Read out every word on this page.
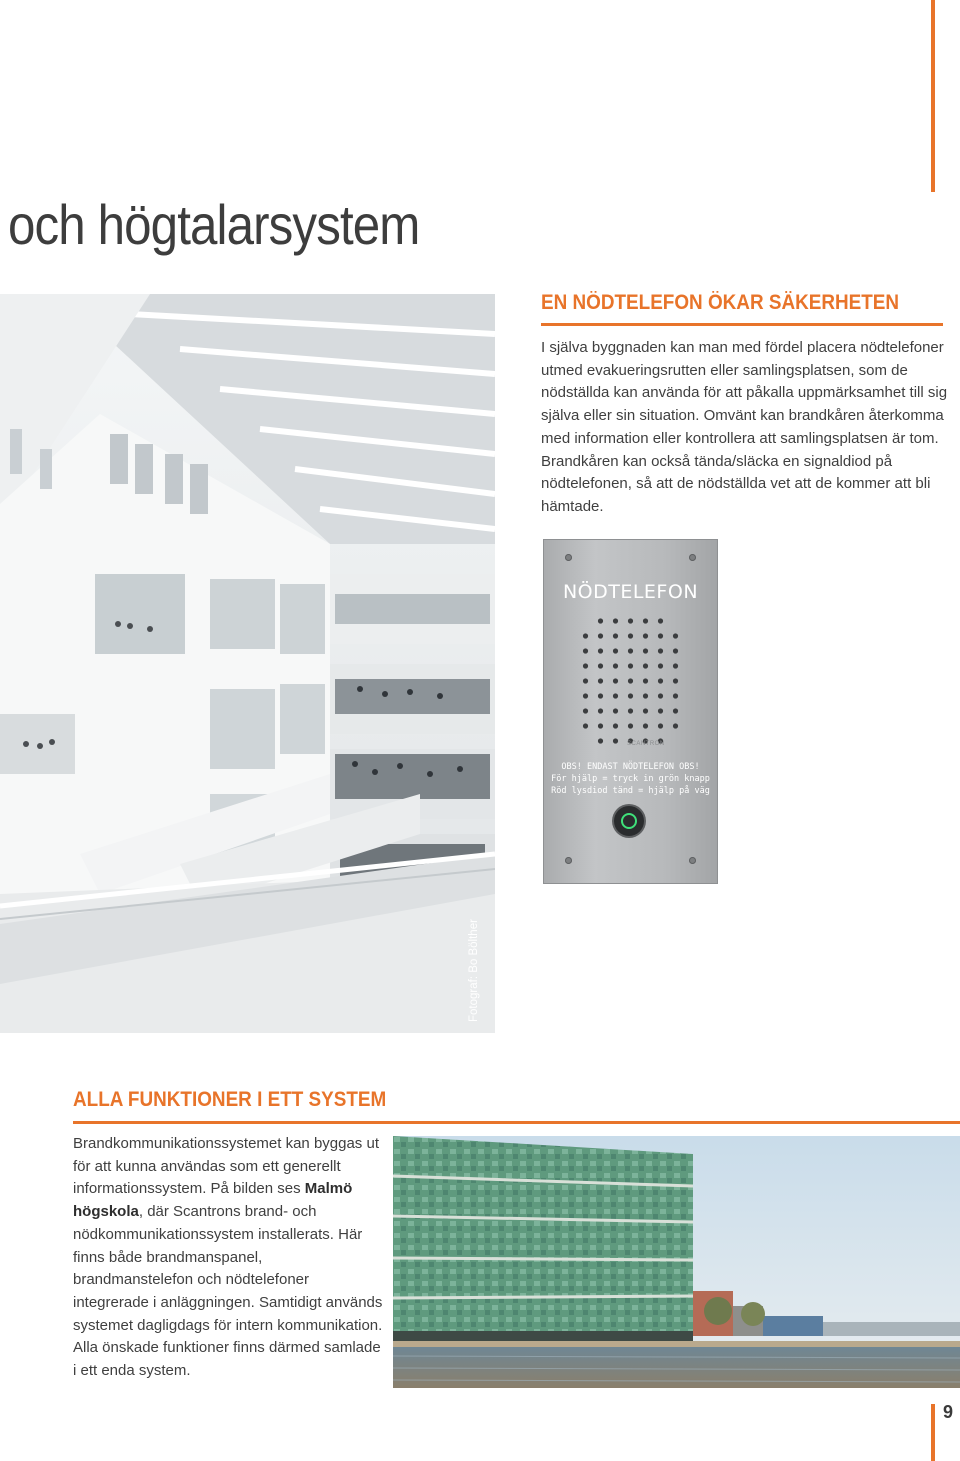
och högtalarsystem
EN NÖDTELEFON ÖKAR SÄKERHETEN

I själva byggnaden kan man med fördel placera nödtelefoner utmed evakueringsrutten eller samlingsplatsen, som de nödställda kan använda för att påkalla uppmärksamhet till sig själva eller sin situation. Omvänt kan brandkåren återkomma med information eller kontrollera att samlingsplatsen är tom. Brandkåren kan också tända/släcka en signaldiod på nödtelefonen, så att de nödställda vet att de kommer att bli hämtade.

Fotograf: Bo Bölther
NÖDTELEFON
SCANTRON
OBS! ENDAST NÖDTELEFON OBS!
För hjälp = tryck in grön knapp
Röd lysdiod tänd = hjälp på väg
ALLA FUNKTIONER I ETT SYSTEM

Brandkommunikationssystemet kan byggas ut för att kunna användas som ett generellt informationssystem. På bilden ses Malmö högskola, där Scantrons brand- och nödkommunikationssystem installerats. Här finns både brandmanspanel, brandmanstelefon och nödtelefoner integrerade i anläggningen. Samtidigt används systemet dagligdags för intern kommunikation. Alla önskade funktioner finns därmed samlade i ett enda system.

9
